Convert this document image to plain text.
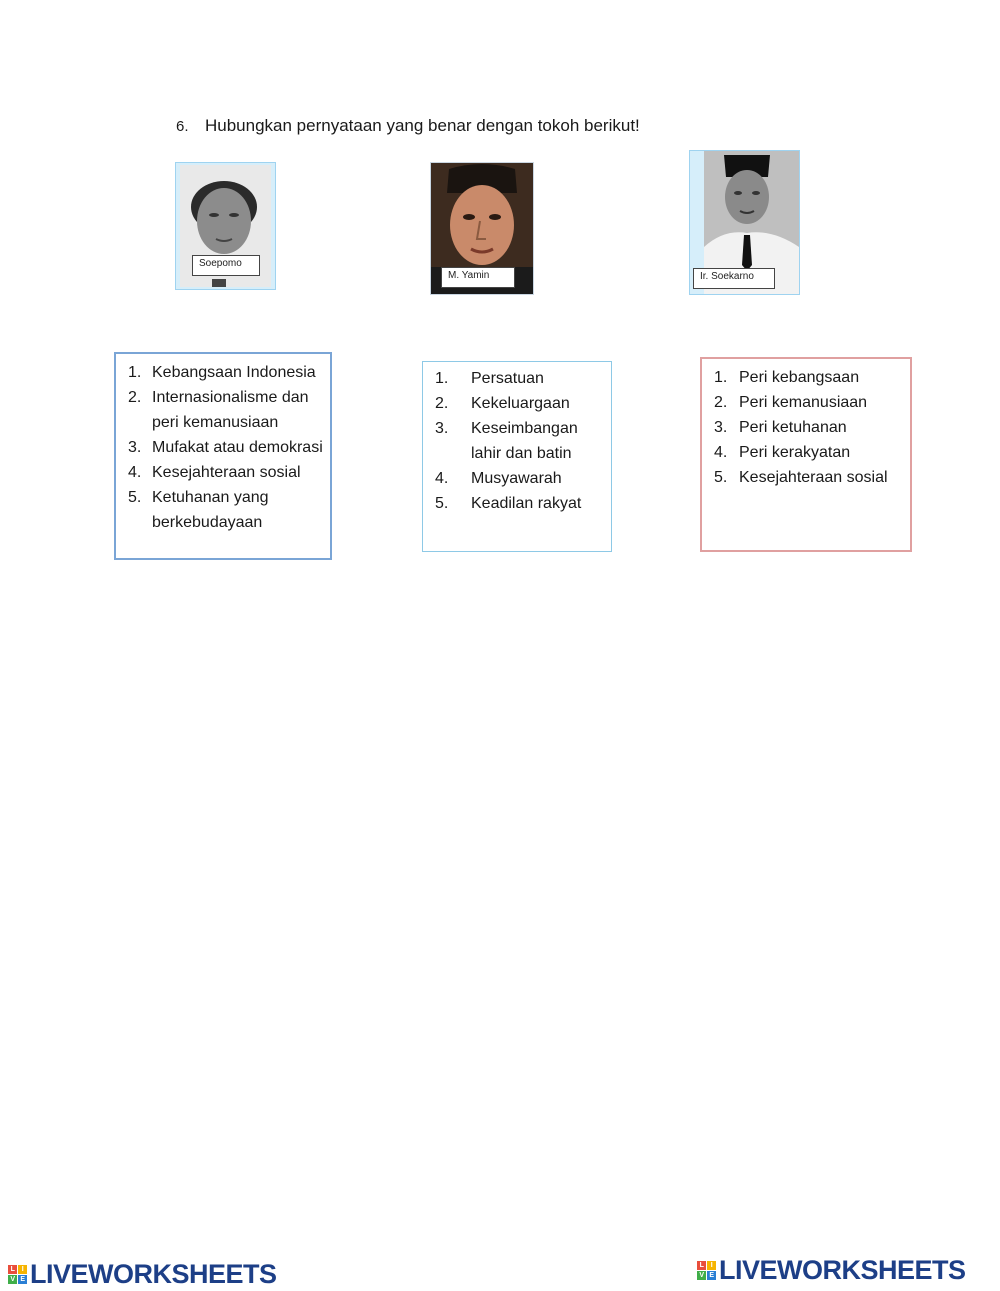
6. Hubungkan pernyataan yang benar dengan tokoh berikut!
Soepomo
M. Yamin	Ir. Soekarno
1. Kebangsaan Indonesia
2. Internasionalisme dan peri kemanusiaan
3. Mufakat atau demokrasi
4. Kesejahteraan sosial
5. Ketuhanan yang berkebudayaan
1.	Persatuan
2.	Kekeluargaan
3.	Keseimbangan lahir dan batin
4.	Musyawarah
5.	Keadilan rakyat
1. Peri kebangsaan
2. Peri kemanusiaan
3. Peri ketuhanan
4. Peri kerakyatan
5. Kesejahteraan sosial
L	I
V E LIVEWORKSHEETS	L	I
V E LIVEWORKSHEETS
